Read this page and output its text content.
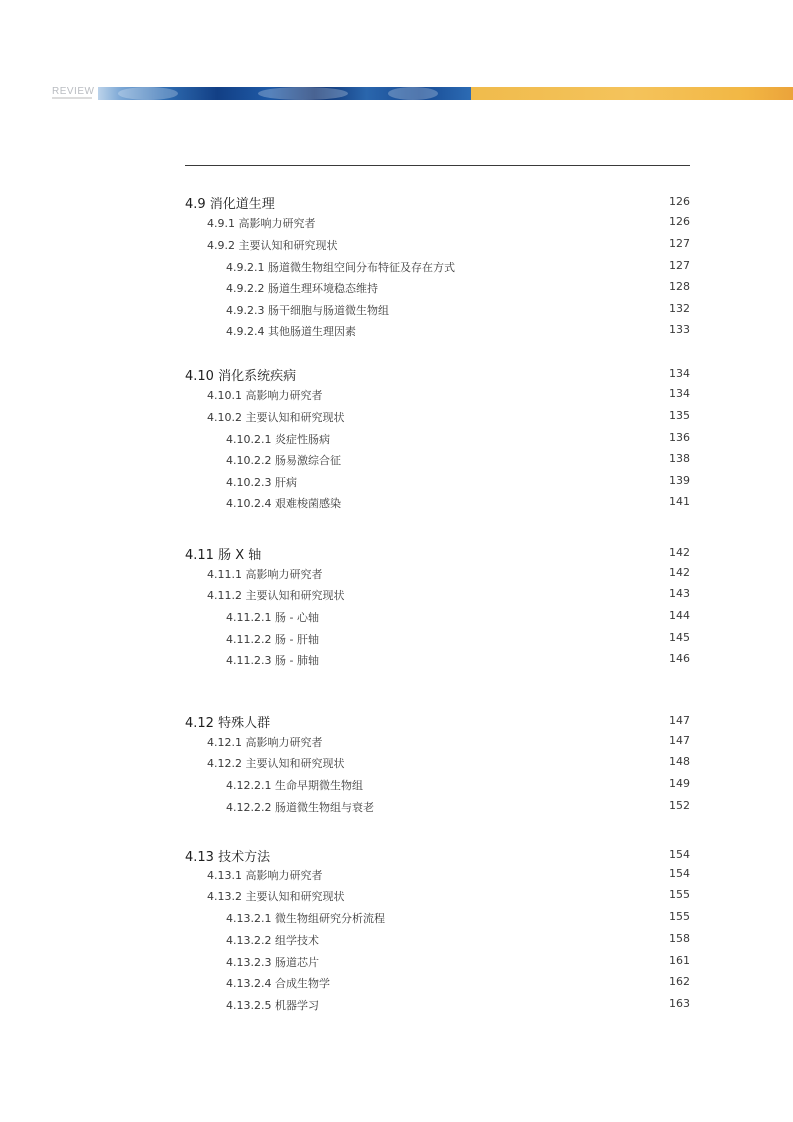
REVIEW
4.9 消化道生理	126
4.9.1 高影响力研究者	126
4.9.2 主要认知和研究现状	127
4.9.2.1 肠道微生物组空间分布特征及存在方式	127
4.9.2.2 肠道生理环境稳态维持	128
4.9.2.3 肠干细胞与肠道微生物组	132
4.9.2.4 其他肠道生理因素	133
4.10 消化系统疾病	134
4.10.1 高影响力研究者	134
4.10.2 主要认知和研究现状	135
4.10.2.1 炎症性肠病	136
4.10.2.2 肠易激综合征	138
4.10.2.3 肝病	139
4.10.2.4 艰难梭菌感染	141
4.11 肠 X 轴	142
4.11.1 高影响力研究者	142
4.11.2 主要认知和研究现状	143
4.11.2.1 肠 - 心轴	144
4.11.2.2 肠 - 肝轴	145
4.11.2.3 肠 - 肺轴	146
4.12 特殊人群	147
4.12.1 高影响力研究者	147
4.12.2 主要认知和研究现状	148
4.12.2.1 生命早期微生物组	149
4.12.2.2 肠道微生物组与衰老	152
4.13 技术方法	154
4.13.1 高影响力研究者	154
4.13.2 主要认知和研究现状	155
4.13.2.1 微生物组研究分析流程	155
4.13.2.2 组学技术	158
4.13.2.3 肠道芯片	161
4.13.2.4 合成生物学	162
4.13.2.5 机器学习	163
